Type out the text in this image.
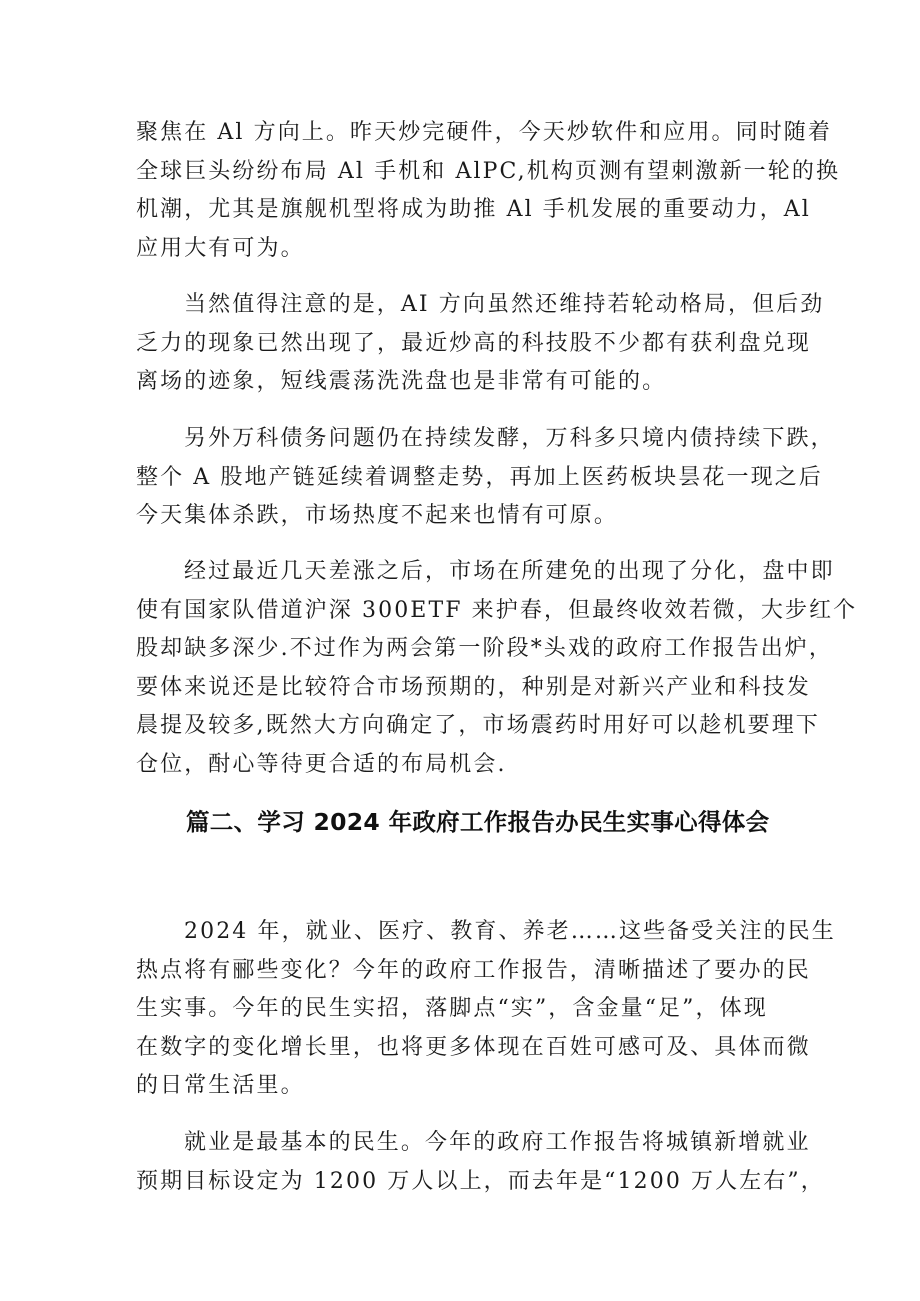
聚焦在 Al 方向上。昨天炒完硬件，今天炒软件和应用。同时随着
全球巨头纷纷布局 Al 手机和 AlPC,机构页测有望刺激新一轮的换
机潮，尤其是旗舰机型将成为助推 Al 手机发展的重要动力，Al
应用大有可为。
当然值得注意的是，AI 方向虽然还维持若轮动格局，但后劲
乏力的现象已然出现了，最近炒高的科技股不少都有获利盘兑现
离场的迹象，短线震荡洗洗盘也是非常有可能的。
另外万科债务问题仍在持续发酵，万科多只境内债持续下跌，
整个 A 股地产链延续着调整走势，再加上医药板块昙花一现之后
今天集体杀跌，市场热度不起来也情有可原。
经过最近几天差涨之后，市场在所建免的出现了分化，盘中即
使有国家队借道沪深 300ETF 来护春，但最终收效若微，大步红个
股却缺多深少.不过作为两会第一阶段*头戏的政府工作报告出炉，
要体来说还是比较符合市场预期的，种别是对新兴产业和科技发
晨提及较多,既然大方向确定了，市场震药时用好可以趁机要理下
仓位，酎心等待更合适的布局机会.
篇二、学习 2024 年政府工作报告办民生实事心得体会
2024 年，就业、医疗、教育、养老……这些备受关注的民生
热点将有郦些变化？今年的政府工作报告，清晰描述了要办的民
生实事。今年的民生实招，落脚点“实”，含金量“足”，体现
在数字的变化增长里，也将更多体现在百姓可感可及、具体而微
的日常生活里。
就业是最基本的民生。今年的政府工作报告将城镇新增就业
预期目标设定为 1200 万人以上，而去年是“1200 万人左右”，
